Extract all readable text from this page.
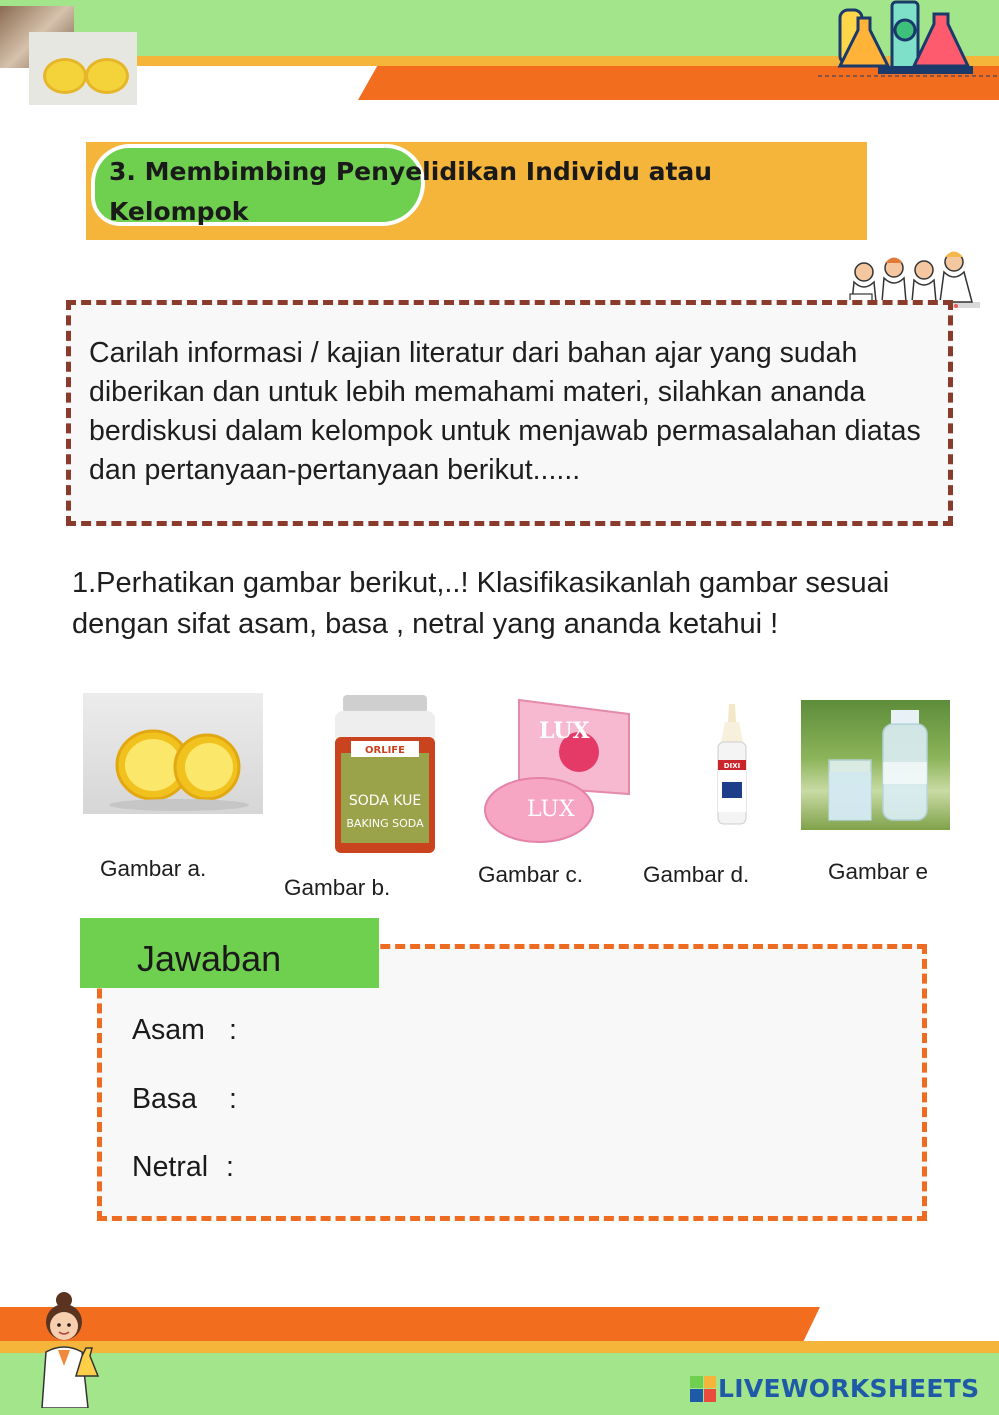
3. Membimbing Penyelidikan Individu atau Kelompok
Carilah informasi / kajian literatur dari bahan ajar yang sudah diberikan dan untuk lebih memahami materi, silahkan ananda berdiskusi dalam kelompok untuk menjawab permasalahan diatas dan pertanyaan-pertanyaan berikut......
1.Perhatikan gambar berikut,..! Klasifikasikanlah gambar sesuai dengan sifat asam, basa , netral yang ananda ketahui !
ORLIFE
SODA KUE
BAKING SODA
LUX
LUX
DIXI
Gambar a.
Gambar b.
Gambar c.	Gambar d.	Gambar e
Jawaban
Asam :
Basa :
Netral :
LIVEWORKSHEETS
